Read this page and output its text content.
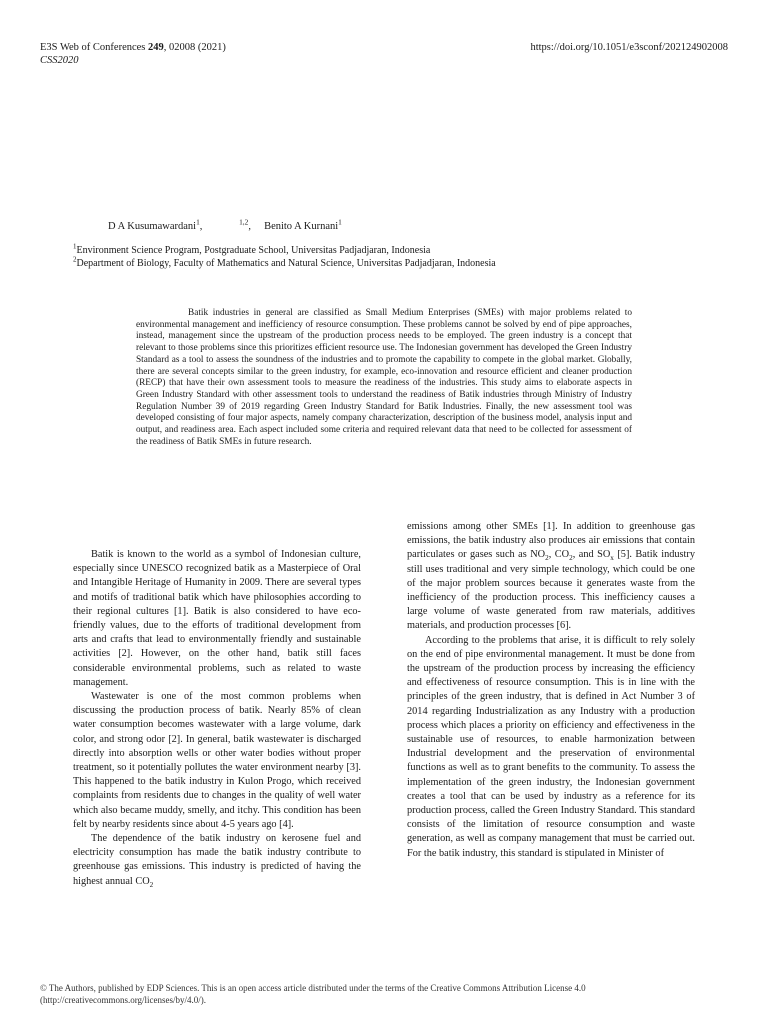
E3S Web of Conferences 249, 02008 (2021)
CSS2020
https://doi.org/10.1051/e3sconf/202124902008
D A Kusumawardani$^1$,	$^{1,2}$, Benito A Kurnani$^1$
$^1$Environment Science Program, Postgraduate School, Universitas Padjadjaran, Indonesia
$^2$Department of Biology, Faculty of Mathematics and Natural Science, Universitas Padjadjaran, Indonesia
Batik industries in general are classified as Small Medium Enterprises (SMEs) with major problems related to environmental management and inefficiency of resource consumption. These problems cannot be solved by end of pipe approaches, instead, management since the upstream of the production process needs to be employed. The green industry is a concept that relevant to those problems since this prioritizes efficient resource use. The Indonesian government has developed the Green Industry Standard as a tool to assess the soundness of the industries and to promote the capability to compete in the global market. Globally, there are several concepts similar to the green industry, for example, eco-innovation and resource efficient and cleaner production (RECP) that have their own assessment tools to measure the readiness of the industries. This study aims to elaborate aspects in Green Industry Standard with other assessment tools to understand the readiness of Batik industries through Ministry of Industry Regulation Number 39 of 2019 regarding Green Industry Standard for Batik Industries. Finally, the new assessment tool was developed consisting of four major aspects, namely company characterization, description of the business model, analysis input and output, and readiness area. Each aspect included some criteria and required relevant data that need to be collected for assessment of the readiness of Batik SMEs in future research.

Batik is known to the world as a symbol of Indonesian culture, especially since UNESCO recognized batik as a Masterpiece of Oral and Intangible Heritage of Humanity in 2009. There are several types and motifs of traditional batik which have philosophies according to their regional cultures [1]. Batik is also considered to have eco-friendly values, due to the efforts of traditional development from arts and crafts that lead to environmentally friendly and sustainable activities [2]. However, on the other hand, batik still faces considerable environmental problems, such as related to waste management.

Wastewater is one of the most common problems when discussing the production process of batik. Nearly 85% of clean water consumption becomes wastewater with a large volume, dark color, and strong odor [2]. In general, batik wastewater is discharged directly into absorption wells or other water bodies without proper treatment, so it potentially pollutes the water environment nearby [3]. This happened to the batik industry in Kulon Progo, which received complaints from residents due to changes in the quality of well water which also became muddy, smelly, and itchy. This condition has been felt by nearby residents since about 4-5 years ago [4].

The dependence of the batik industry on kerosene fuel and electricity consumption has made the batik industry contribute to greenhouse gas emissions. This industry is predicted of having the highest annual $CO_2$

emissions among other SMEs [1]. In addition to greenhouse gas emissions, the batik industry also produces air emissions that contain particulates or gases such as $NO_2$, $CO_2$, and $SO_x$ [5]. Batik industry still uses traditional and very simple technology, which could be one of the major problem sources because it generates waste from the inefficiency of the production process. This inefficiency causes a large volume of waste generated from raw materials, additives materials, and production processes [6].

According to the problems that arise, it is difficult to rely solely on the end of pipe environmental management. It must be done from the upstream of the production process by increasing the efficiency and effectiveness of resource consumption. This is in line with the principles of the green industry, that is defined in Act Number 3 of 2014 regarding Industrialization as any Industry with a production process which places a priority on efficiency and effectiveness in the sustainable use of resources, to enable harmonization between Industrial development and the preservation of environmental functions as well as to grant benefits to the community. To assess the implementation of the green industry, the Indonesian government creates a tool that can be used by industry as a reference for its production process, called the Green Industry Standard. This standard consists of the limitation of resource consumption and waste generation, as well as company management that must be carried out. For the batik industry, this standard is stipulated in Minister of

© The Authors, published by EDP Sciences. This is an open access article distributed under the terms of the Creative Commons Attribution License 4.0 (http://creativecommons.org/licenses/by/4.0/).
